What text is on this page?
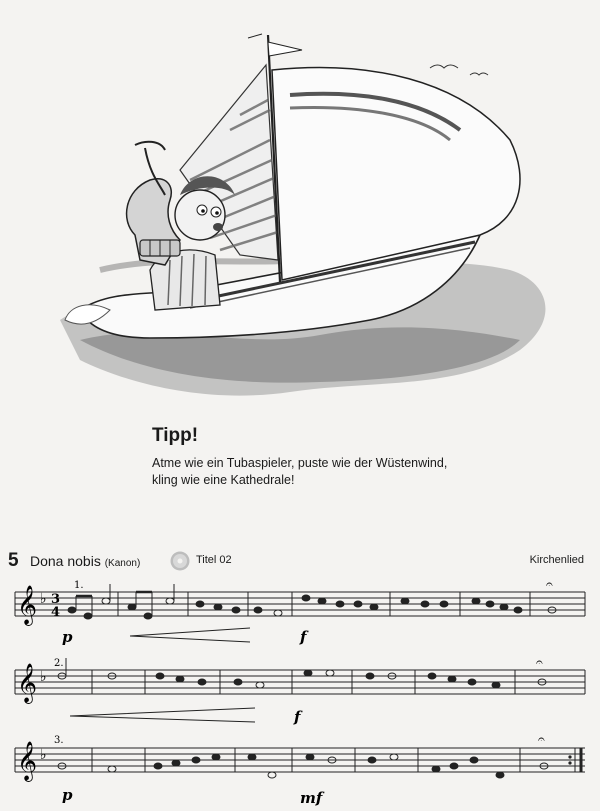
Tipp!

Atme wie ein Tubaspieler, puste wie der Wüstenwind,

kling wie eine Kathedrale!

5 Dona nobis (Kanon)	Titel 02	Kirchenlied
𝄞
𝄞
𝄞
♭
♭
♭
3
4
1.
2.
3.
𝄐
𝄐
𝄐
p	f
f
p	mf
